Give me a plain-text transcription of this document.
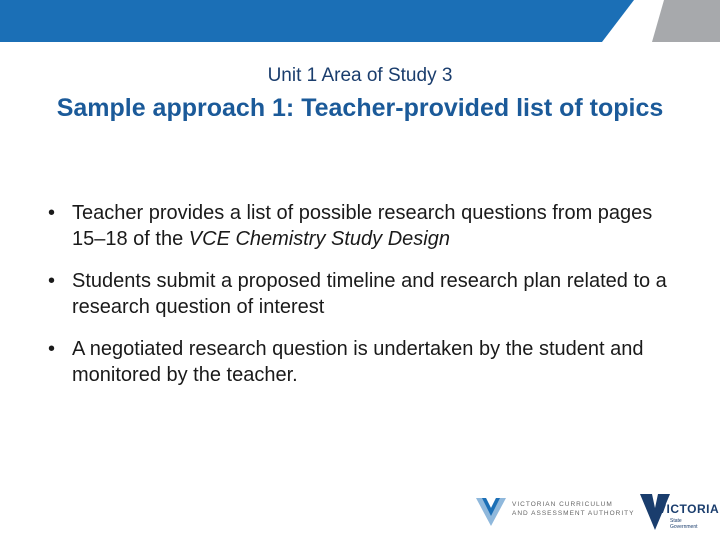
Unit 1 Area of Study 3
Sample approach 1: Teacher-provided list of topics
• Teacher provides a list of possible research questions from pages 15–18 of the VCE Chemistry Study Design
• Students submit a proposed timeline and research plan related to a research question of interest
• A negotiated research question is undertaken by the student and monitored by the teacher.
VICTORIAN CURRICULUM
AND ASSESSMENT AUTHORITY VICTORIA
State
Government
